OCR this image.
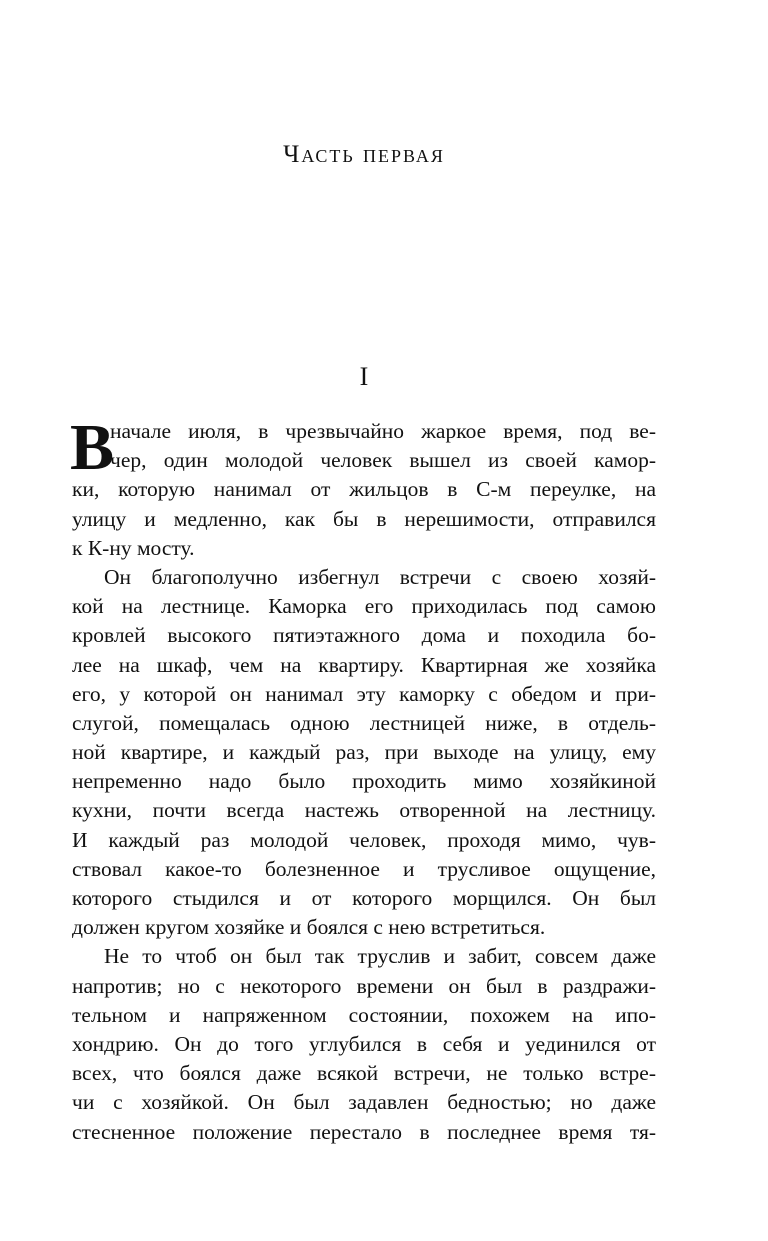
Часть первая
I
В
начале июля, в чрезвычайно жаркое время, под ве-
чер, один молодой человек вышел из своей камор-
ки, которую нанимал от жильцов в С-м переулке, на
улицу и медленно, как бы в нерешимости, отправился
к К-ну мосту.
Он благополучно избегнул встречи с своею хозяй-
кой на лестнице. Каморка его приходилась под самою
кровлей высокого пятиэтажного дома и походила бо-
лее на шкаф, чем на квартиру. Квартирная же хозяйка
его, у которой он нанимал эту каморку с обедом и при-
слугой, помещалась одною лестницей ниже, в отдель-
ной квартире, и каждый раз, при выходе на улицу, ему
непременно надо было проходить мимо хозяйкиной
кухни, почти всегда настежь отворенной на лестницу.
И каждый раз молодой человек, проходя мимо, чув-
ствовал какое-то болезненное и трусливое ощущение,
которого стыдился и от которого морщился. Он был
должен кругом хозяйке и боялся с нею встретиться.
Не то чтоб он был так труслив и забит, совсем даже
напротив; но с некоторого времени он был в раздражи-
тельном и напряженном состоянии, похожем на ипо-
хондрию. Он до того углубился в себя и уединился от
всех, что боялся даже всякой встречи, не только встре-
чи с хозяйкой. Он был задавлен бедностью; но даже
стесненное положение перестало в последнее время тя-
